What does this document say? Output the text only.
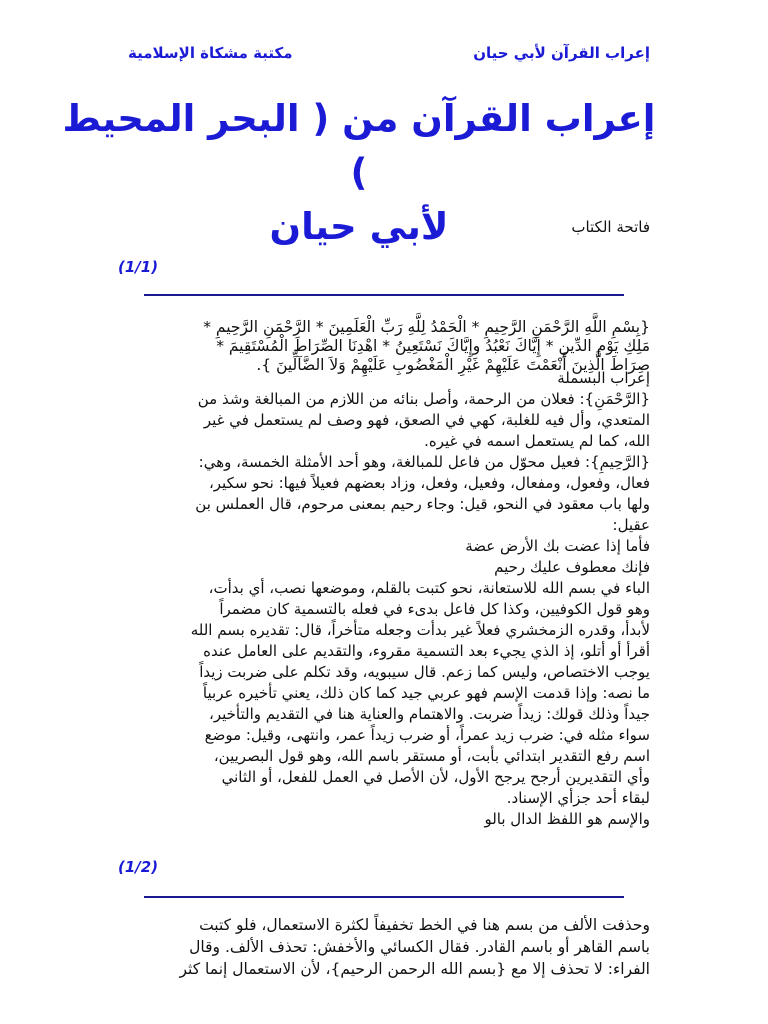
إعراب القرآن لأبي حيان
مكتبة مشكاة الإسلامية
إعراب القرآن من ( البحر المحيط )
لأبي حيان	فاتحة الكتاب
(1/1)

{بِسْمِ اللَّهِ الرَّحْمَنِ الرَّحِيمِ * الْحَمْدُ لِلَّهِ رَبِّ الْعَلَمِينَ * الرَّحْمَنِ الرَّحِيمِ *

مَلِكِ يَوْمِ الدِّينِ * إِيَّاكَ نَعْبُدُ وإِيَّاكَ نَسْتَعِينُ * اهْدِنَا الصِّرَاطَ الْمُسْتَقِيمَ *

صِرَاطَ الَّذِينَ أَنْعَمْتَ عَلَيْهِمْ غَيْرِ الْمَغْضُوبِ عَلَيْهِمْ وَلاَ الضَّآلِّينَ }.

إعراب البسملة

{الرَّحْمَنِ}: فعلان من الرحمة، وأصل بنائه من اللازم من المبالغة وشذ من

المتعدي، وأل فيه للغلبة، كهي في الصعق، فهو وصف لم يستعمل في غير

الله، كما لم يستعمل اسمه في غيره.

{الرَّحِيمِ}: فعيل محوّل من فاعل للمبالغة، وهو أحد الأمثلة الخمسة، وهي:

فعال، وفعول، ومفعال، وفعيل، وفعل، وزاد بعضهم فعيلاً فيها: نحو سكير،

ولها باب معقود في النحو، قيل: وجاء رحيم بمعنى مرحوم، قال العملس بن

عقيل:

فأما إذا عضت بك الأرض عضة

فإنك معطوف عليك رحيم

الباء في بسم الله للاستعانة، نحو كتبت بالقلم، وموضعها نصب، أي بدأت،

وهو قول الكوفيين، وكذا كل فاعل بدىء في فعله بالتسمية كان مضمراً

لأبدأ، وقدره الزمخشري فعلاً غير بدأت وجعله متأخراً، قال: تقديره بسم الله

أقرأ أو أتلو، إذ الذي يجيء بعد التسمية مقروء، والتقديم على العامل عنده

يوجب الاختصاص، وليس كما زعم. قال سيبويه، وقد تكلم على ضربت زيداً

ما نصه: وإذا قدمت الإسم فهو عربي جيد كما كان ذلك، يعني تأخيره عربياً

جيداً وذلك قولك: زيداً ضربت. والاهتمام والعناية هنا في التقديم والتأخير،

سواء مثله في: ضرب زيد عمراً، أو ضرب زيداً عمر، وانتهى، وقيل: موضع

اسم رفع التقدير ابتدائي بأبت، أو مستقر باسم الله، وهو قول البصريين،

وأي التقديرين أرجح يرجح الأول، لأن الأصل في العمل للفعل، أو الثاني

لبقاء أحد جزأي الإسناد.

والإسم هو اللفظ الدال بالو

(1/2)

وحذفت الألف من بسم هنا في الخط تخفيفاً لكثرة الاستعمال، فلو كتبت

باسم القاهر أو باسم القادر. فقال الكسائي والأخفش: تحذف الألف. وقال

الفراء: لا تحذف إلا مع {بسم الله الرحمن الرحيم}، لأن الاستعمال إنما كثر
